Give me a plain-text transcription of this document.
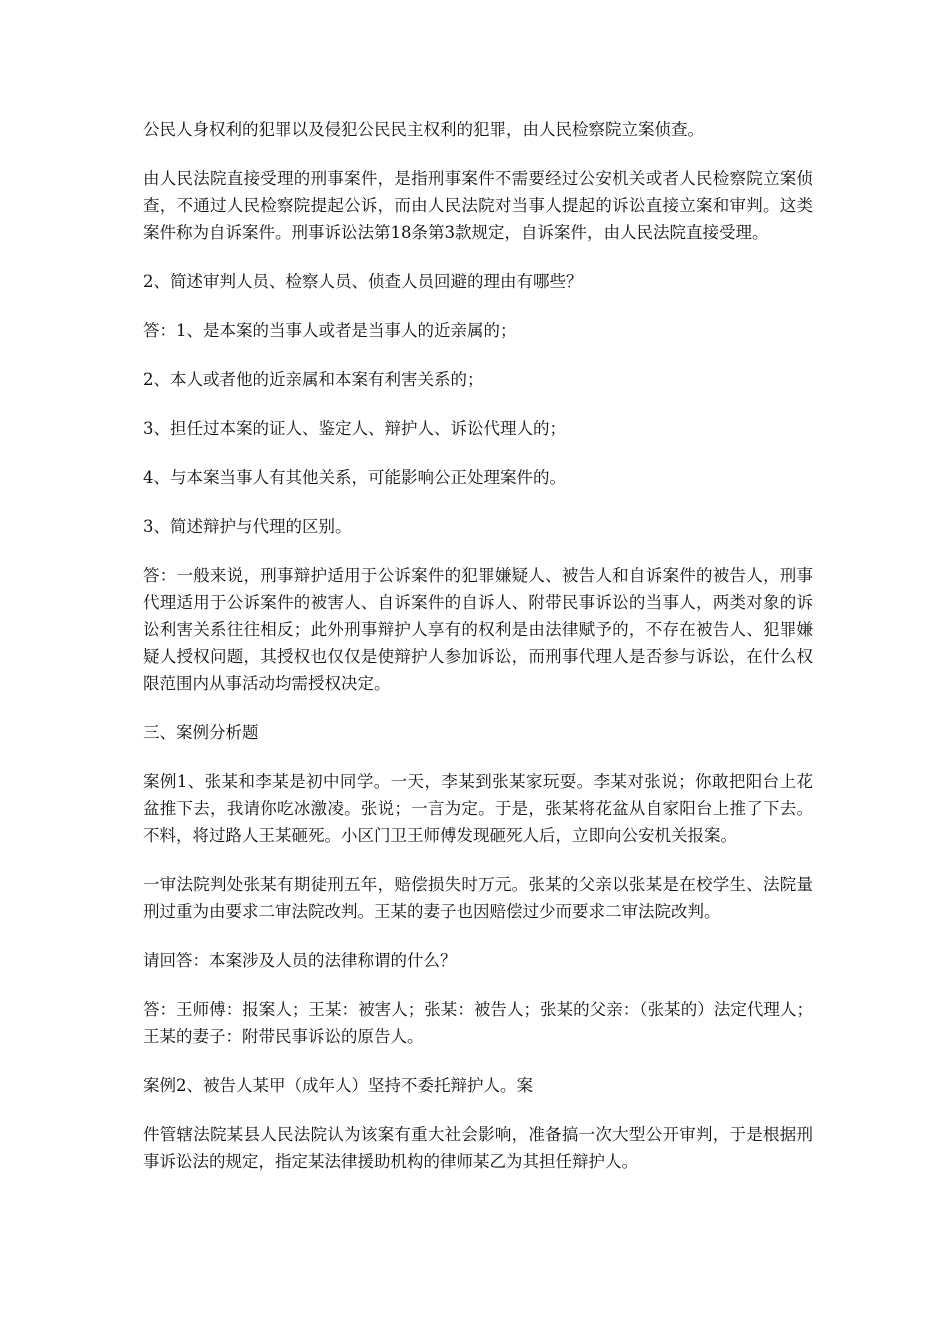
公民人身权利的犯罪以及侵犯公民民主权利的犯罪，由人民检察院立案侦查。

由人民法院直接受理的刑事案件，是指刑事案件不需要经过公安机关或者人民检察院立案侦查，不通过人民检察院提起公诉，而由人民法院对当事人提起的诉讼直接立案和审判。这类案件称为自诉案件。刑事诉讼法第18条第3款规定，自诉案件，由人民法院直接受理。

2、简述审判人员、检察人员、侦查人员回避的理由有哪些？

答：1、是本案的当事人或者是当事人的近亲属的；

2、本人或者他的近亲属和本案有利害关系的；

3、担任过本案的证人、鉴定人、辩护人、诉讼代理人的；

4、与本案当事人有其他关系，可能影响公正处理案件的。

3、简述辩护与代理的区别。

答：一般来说，刑事辩护适用于公诉案件的犯罪嫌疑人、被告人和自诉案件的被告人，刑事代理适用于公诉案件的被害人、自诉案件的自诉人、附带民事诉讼的当事人，两类对象的诉讼利害关系往往相反；此外刑事辩护人享有的权利是由法律赋予的，不存在被告人、犯罪嫌疑人授权问题，其授权也仅仅是使辩护人参加诉讼，而刑事代理人是否参与诉讼，在什么权限范围内从事活动均需授权决定。

三、案例分析题

案例1、张某和李某是初中同学。一天，李某到张某家玩耍。李某对张说；你敢把阳台上花盆推下去，我请你吃冰激凌。张说；一言为定。于是，张某将花盆从自家阳台上推了下去。不料，将过路人王某砸死。小区门卫王师傅发现砸死人后，立即向公安机关报案。

一审法院判处张某有期徒刑五年，赔偿损失时万元。张某的父亲以张某是在校学生、法院量刑过重为由要求二审法院改判。王某的妻子也因赔偿过少而要求二审法院改判。

请回答：本案涉及人员的法律称谓的什么？

答：王师傅：报案人；王某：被害人；张某：被告人；张某的父亲：（张某的）法定代理人；王某的妻子：附带民事诉讼的原告人。

案例2、被告人某甲（成年人）坚持不委托辩护人。案

件管辖法院某县人民法院认为该案有重大社会影响，准备搞一次大型公开审判，于是根据刑事诉讼法的规定，指定某法律援助机构的律师某乙为其担任辩护人。
